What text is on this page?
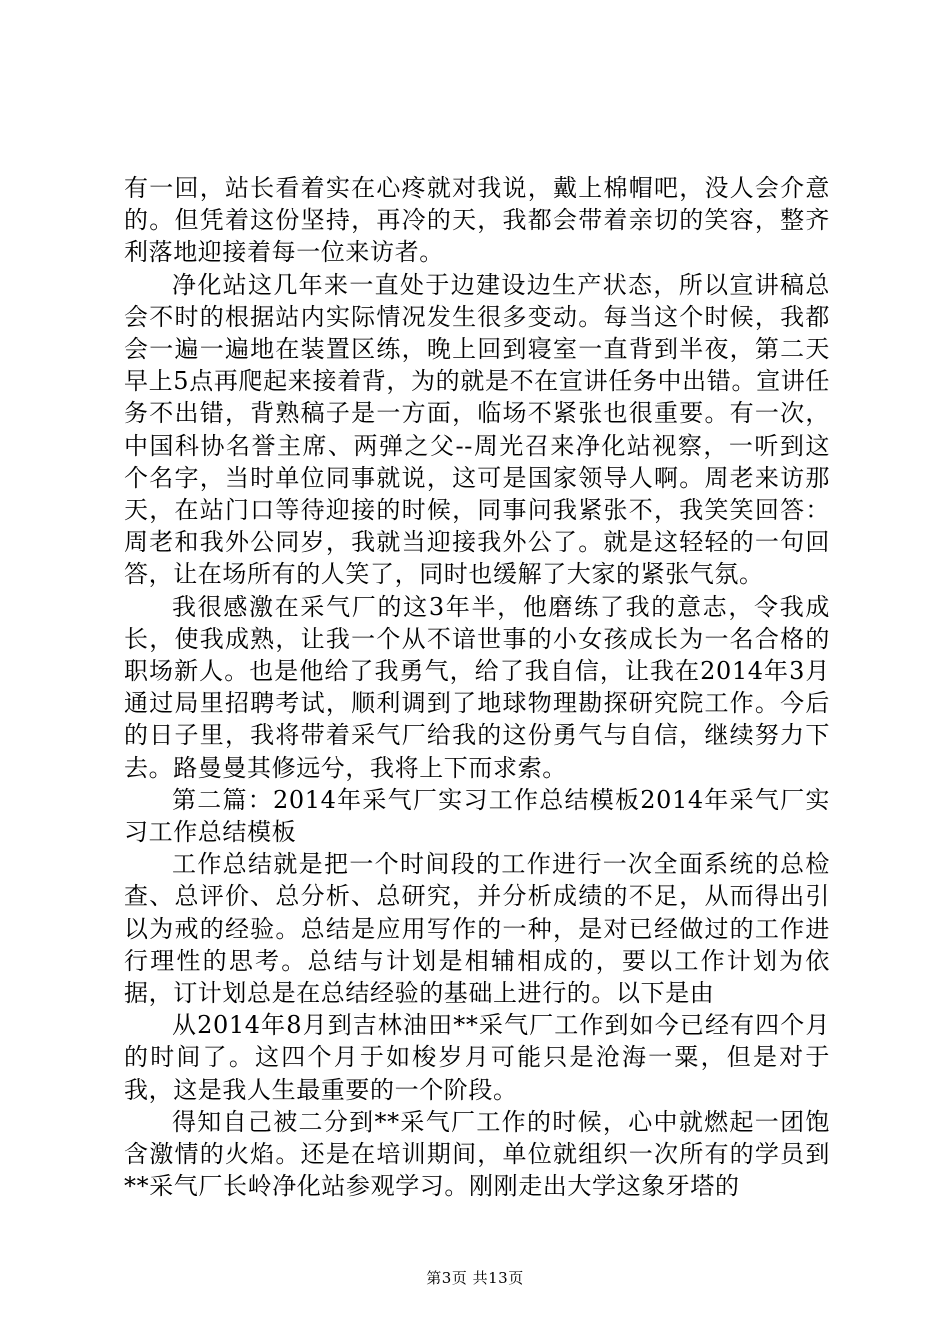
有一回，站长看着实在心疼就对我说，戴上棉帽吧，没人会介意的。但凭着这份坚持，再冷的天，我都会带着亲切的笑容，整齐利落地迎接着每一位来访者。

净化站这几年来一直处于边建设边生产状态，所以宣讲稿总会不时的根据站内实际情况发生很多变动。每当这个时候，我都会一遍一遍地在装置区练，晚上回到寝室一直背到半夜，第二天早上5点再爬起来接着背，为的就是不在宣讲任务中出错。宣讲任务不出错，背熟稿子是一方面，临场不紧张也很重要。有一次，中国科协名誉主席、两弹之父--周光召来净化站视察，一听到这个名字，当时单位同事就说，这可是国家领导人啊。周老来访那天，在站门口等待迎接的时候，同事问我紧张不，我笑笑回答：周老和我外公同岁，我就当迎接我外公了。就是这轻轻的一句回答，让在场所有的人笑了，同时也缓解了大家的紧张气氛。

我很感激在采气厂的这3年半，他磨练了我的意志，令我成长，使我成熟，让我一个从不谙世事的小女孩成长为一名合格的职场新人。也是他给了我勇气，给了我自信，让我在2014年3月通过局里招聘考试，顺利调到了地球物理勘探研究院工作。今后的日子里，我将带着采气厂给我的这份勇气与自信，继续努力下去。路曼曼其修远兮，我将上下而求索。

第二篇：2014年采气厂实习工作总结模板2014年采气厂实习工作总结模板

工作总结就是把一个时间段的工作进行一次全面系统的总检查、总评价、总分析、总研究，并分析成绩的不足，从而得出引以为戒的经验。总结是应用写作的一种，是对已经做过的工作进行理性的思考。总结与计划是相辅相成的，要以工作计划为依据，订计划总是在总结经验的基础上进行的。以下是由

从2014年8月到吉林油田**采气厂工作到如今已经有四个月的时间了。这四个月于如梭岁月可能只是沧海一粟，但是对于我，这是我人生最重要的一个阶段。

得知自己被二分到**采气厂工作的时候，心中就燃起一团饱含激情的火焰。还是在培训期间，单位就组织一次所有的学员到**采气厂长岭净化站参观学习。刚刚走出大学这象牙塔的

第3页 共13页
